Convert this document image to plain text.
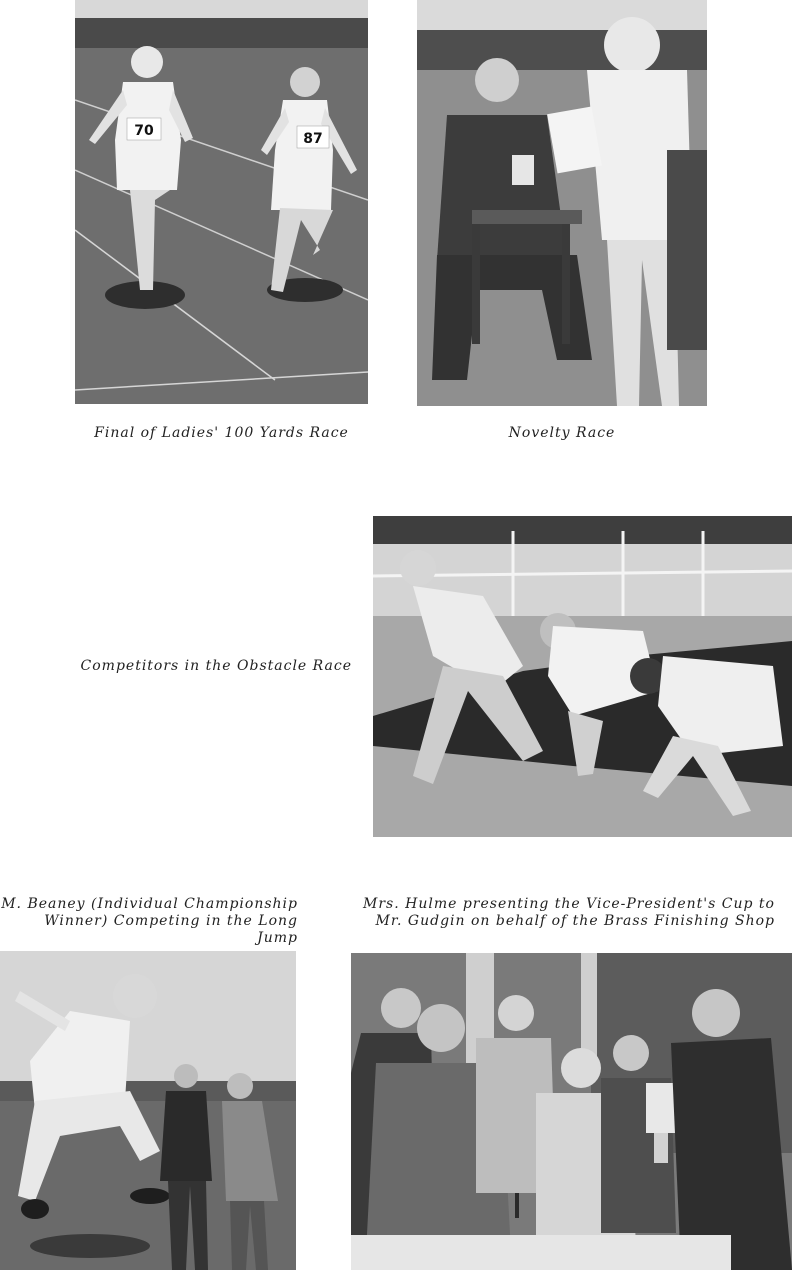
70	87
Final of Ladies' 100 Yards Race	Novelty Race
Competitors in the Obstacle Race
M. Beaney (Individual Championship
Winner) Competing in the Long Jump
Mrs. Hulme presenting the Vice-President's Cup to
Mr. Gudgin on behalf of the Brass Finishing Shop
